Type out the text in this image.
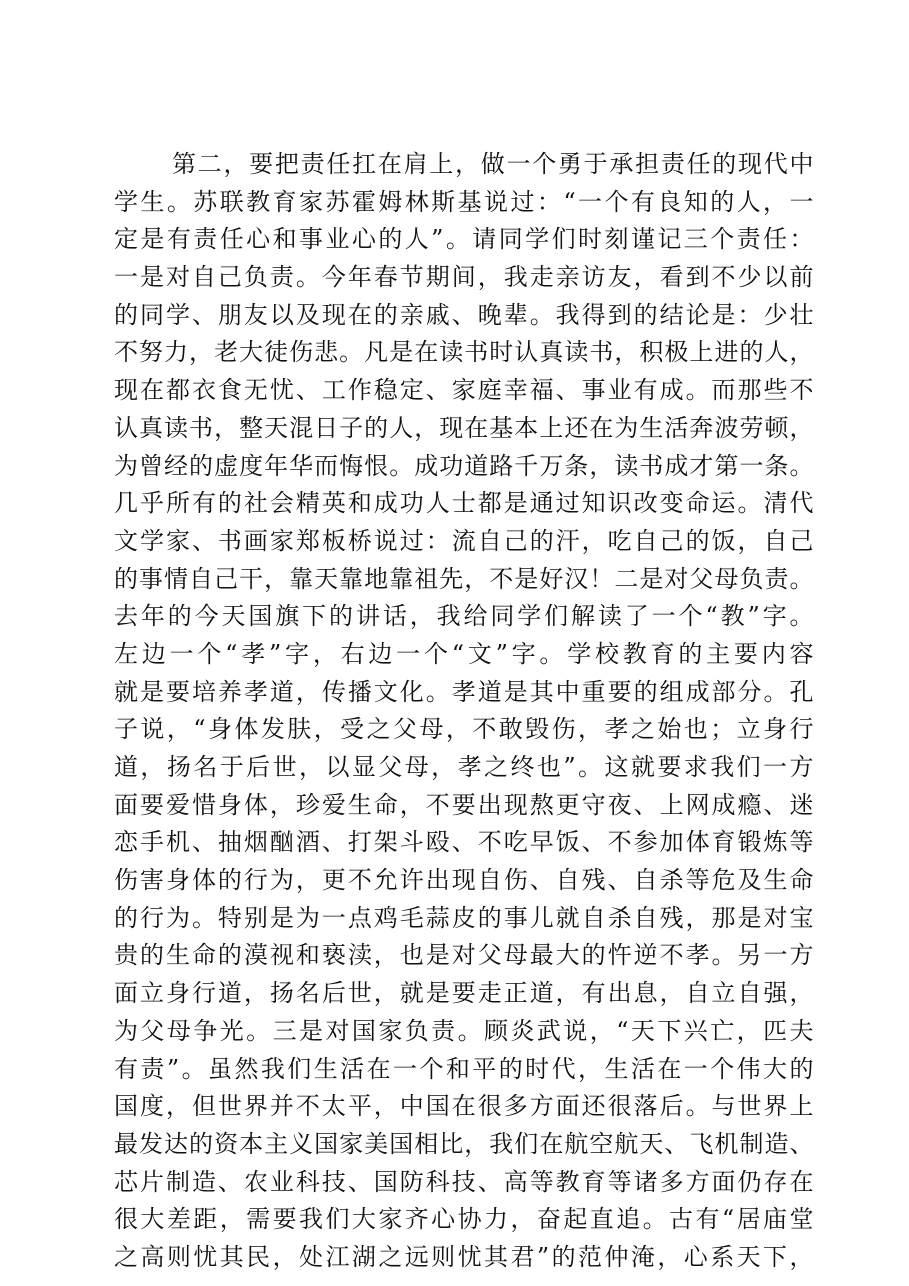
第二，要把责任扛在肩上，做一个勇于承担责任的现代中
学生。苏联教育家苏霍姆林斯基说过：“一个有良知的人，一
定是有责任心和事业心的人”。请同学们时刻谨记三个责任：
一是对自己负责。今年春节期间，我走亲访友，看到不少以前
的同学、朋友以及现在的亲戚、晚辈。我得到的结论是：少壮
不努力，老大徒伤悲。凡是在读书时认真读书，积极上进的人，
现在都衣食无忧、工作稳定、家庭幸福、事业有成。而那些不
认真读书，整天混日子的人，现在基本上还在为生活奔波劳顿，
为曾经的虚度年华而悔恨。成功道路千万条，读书成才第一条。
几乎所有的社会精英和成功人士都是通过知识改变命运。清代
文学家、书画家郑板桥说过：流自己的汗，吃自己的饭，自己
的事情自己干，靠天靠地靠祖先，不是好汉！二是对父母负责。
去年的今天国旗下的讲话，我给同学们解读了一个“教”字。
左边一个“孝”字，右边一个“文”字。学校教育的主要内容
就是要培养孝道，传播文化。孝道是其中重要的组成部分。孔
子说，“身体发肤，受之父母，不敢毁伤，孝之始也；立身行
道，扬名于后世，以显父母，孝之终也”。这就要求我们一方
面要爱惜身体，珍爱生命，不要出现熬更守夜、上网成瘾、迷
恋手机、抽烟酗酒、打架斗殴、不吃早饭、不参加体育锻炼等
伤害身体的行为，更不允许出现自伤、自残、自杀等危及生命
的行为。特别是为一点鸡毛蒜皮的事儿就自杀自残，那是对宝
贵的生命的漠视和亵渎，也是对父母最大的忤逆不孝。另一方
面立身行道，扬名后世，就是要走正道，有出息，自立自强，
为父母争光。三是对国家负责。顾炎武说，“天下兴亡，匹夫
有责”。虽然我们生活在一个和平的时代，生活在一个伟大的
国度，但世界并不太平，中国在很多方面还很落后。与世界上
最发达的资本主义国家美国相比，我们在航空航天、飞机制造、
芯片制造、农业科技、国防科技、高等教育等诸多方面仍存在
很大差距，需要我们大家齐心协力，奋起直追。古有“居庙堂
之高则忧其民，处江湖之远则忧其君”的范仲淹，心系天下，
